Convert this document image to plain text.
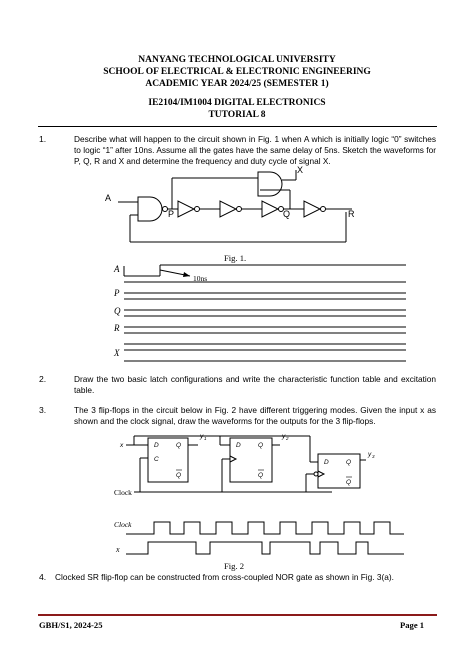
NANYANG TECHNOLOGICAL UNIVERSITY
SCHOOL OF ELECTRICAL & ELECTRONIC ENGINEERING
ACADEMIC YEAR 2024/25 (SEMESTER 1)
IE2104/IM1004 DIGITAL ELECTRONICS
TUTORIAL 8
1.	Describe what will happen to the circuit shown in Fig. 1 when A which is initially logic “0” switches to logic “1” after 10ns. Assume all the gates have the same delay of 5ns. Sketch the waveforms for P, Q, R and X and determine the frequency and duty cycle of signal X.
A
P	Q	R
X
Fig. 1.
A
P
Q
R
X
10ns
2.	Draw the two basic latch configurations and write the characteristic function table and excitation table.
3.	The 3 flip-flops in the circuit below in Fig. 2 have different triggering modes. Given the input x as shown and the clock signal, draw the waveforms for the outputs for the 3 flip-flops.
x
y 1	y 2
y 3
D	Q
C
Q
D	Q
Q
D	Q
Q
Clock
Clock
x
Fig. 2
4. Clocked SR flip-flop can be constructed from cross-coupled NOR gate as shown in Fig. 3(a).
GBH/S1, 2024-25	Page 1
